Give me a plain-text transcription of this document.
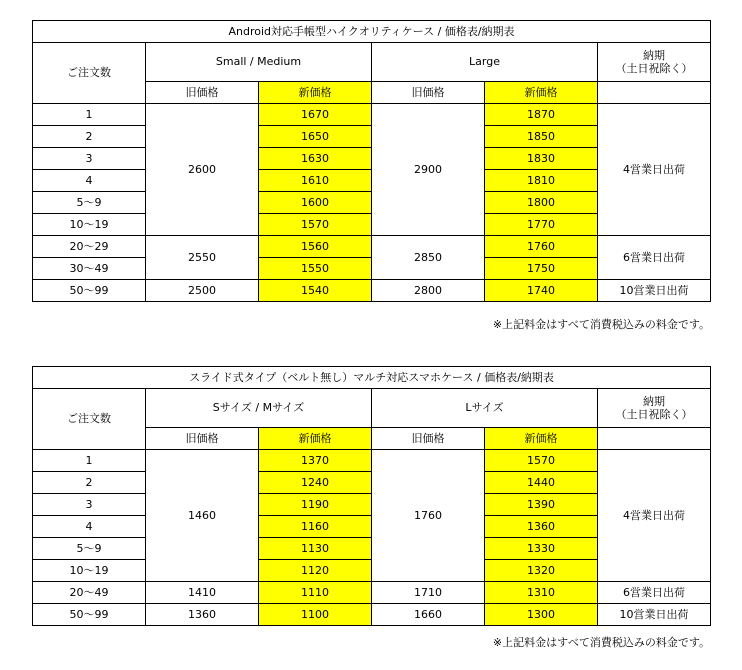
Android対応手帳型ハイクオリティケース / 価格表/納期表					
ご注文数	Small / Medium		Large		納期
（土日祝除く）

	旧価格	新価格	旧価格	新価格	
1	2600	1670	2900	1870	4営業日出荷
2		1650		1850	
3		1630		1830	
4		1610		1810	
5〜9		1600		1800	
10〜19		1570		1770	
20〜29	2550	1560	2850	1760	6営業日出荷
30〜49		1550		1750	
50〜99	2500	1540	2800	1740	10営業日出荷
※上記料金はすべて消費税込みの料金です。
スライド式タイプ（ベルト無し）マルチ対応スマホケース / 価格表/納期表					
ご注文数	Sサイズ / Mサイズ		Lサイズ		納期
（土日祝除く）

	旧価格	新価格	旧価格	新価格	
1	1460	1370	1760	1570	4営業日出荷
2		1240		1440	
3		1190		1390	
4		1160		1360	
5〜9		1130		1330	
10〜19		1120		1320	
20〜49	1410	1110	1710	1310	6営業日出荷
50〜99	1360	1100	1660	1300	10営業日出荷
※上記料金はすべて消費税込みの料金です。
